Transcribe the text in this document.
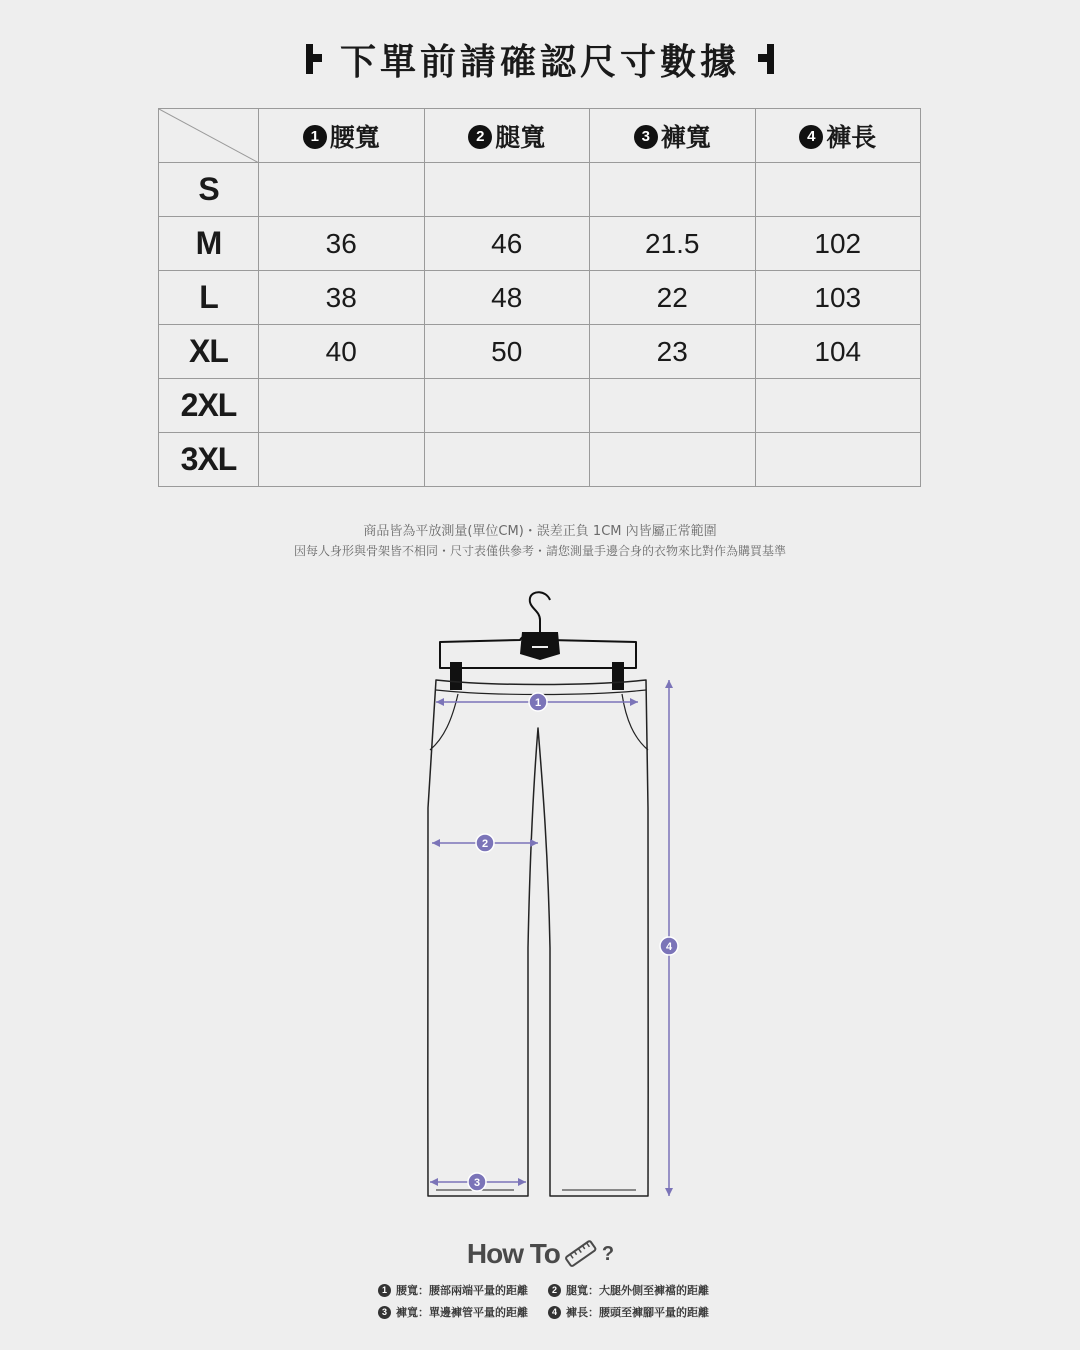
下單前請確認尺寸數據
	1 腰寬	2 腿寬	3 褲寬	4 褲長
S				
M	36	46	21.5	102
L	38	48	22	103
XL	40	50	23	104
2XL				
3XL				
商品皆為平放測量(單位CM)・誤差正負 1CM 內皆屬正常範圍
因每人身形與骨架皆不相同・尺寸表僅供參考・請您測量手邊合身的衣物來比對作為購買基準
1
2
3
4
How To ?
1 腰寬：腰部兩端平量的距離	2 腿寬：大腿外側至褲襠的距離
3 褲寬：單邊褲管平量的距離	4 褲長：腰頭至褲腳平量的距離
